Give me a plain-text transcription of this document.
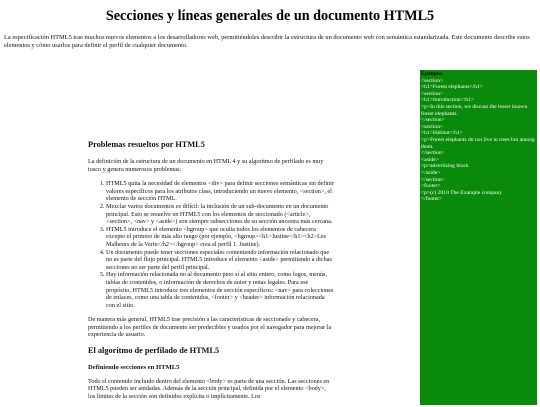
Secciones y líneas generales de un documento HTML5
La especificación HTML5 trae muchos nuevos elementos a los desarrolladores web, permitiéndoles describir la estructura de un documento web con semántica estandarizada. Este documento describe estos elementos y cómo usarlos para definir el perfil de cualquier documento.
Ejemplo:
<section>
<h1>Forest elephants</h1>
<section>
<h1>Introduction</h1>
<p>In this section, we discuss the lesser known forest elephants.
</section>
<section>
<h1>Habitat</h1>
<p>Forest elephants do not live in trees but among them.
</section>
<aside>
<p>advertising block
</aside>
</section>
<footer>
<p>(c) 2010 The Example company
</footer>
Problemas resueltos por HTML5

La definición de la estructura de un documento en HTML 4 y su algoritmo de perfilado es muy tosco y genera numerosos problemas:

1. HTML5 quita la necesidad de elementos <div> para definir secciones semánticas sin definir valores específicos para los atributos class, introduciendo un nuevo elemento, <section>, el elemento de sección HTML.
2. Mezclar varios documentos es difícil: la inclusión de un sub-documento en un documento principal. Esto se resuelve en HTML5 con los elementos de seccionado (<article>, <section>, <nav> y <aside>) son siempre subsecciones de su sección ancestra más cercana.
3. HTML5 introduce el elemento <hgroup> que oculta todos los elementos de cabecera excepto el primero de más alto rango (por ejemplo, <hgroup><h1>Justine</h1><h2>Les Malheurs de la Vertu</h2></hgroup> crea el perfil 1. Justine).
4. Un documento puede tener secciones especiales conteniendo información relacionado que no es parte del flujo principal. HTML5 introduce el elemento <aside> permitiendo a dichas secciones no ser parte del perfil principal.
5. Hay información relacionada no al documento pero sí al sitio entero, como logos, menús, tablas de contenidos, o información de derechos de autor y notas legales. Para ese propósito, HTML5 introduce tres elementos de sección específicos: <nav> para colecciones de enlaces, como una tabla de contenidos, <footer> y <header> información relacionada con el sitio.

De manera más general, HTML5 trae precisión a las características de seccionado y cabecera, permitiendo a los perfiles de documento ser predecibles y usados por el navegador para mejorar la experiencia de usuario.

El algoritmo de perfilado de HTML5
Definiendo secciones en HTML5

Todo el contenido incluido dentro del elemento <body> es parte de una sección. Las secciones en HTML5 pueden ser anidadas. Además de la sección principal, definida por el elemento <body>, los límites de la sección son definidos explícita o implícitamente. Los
